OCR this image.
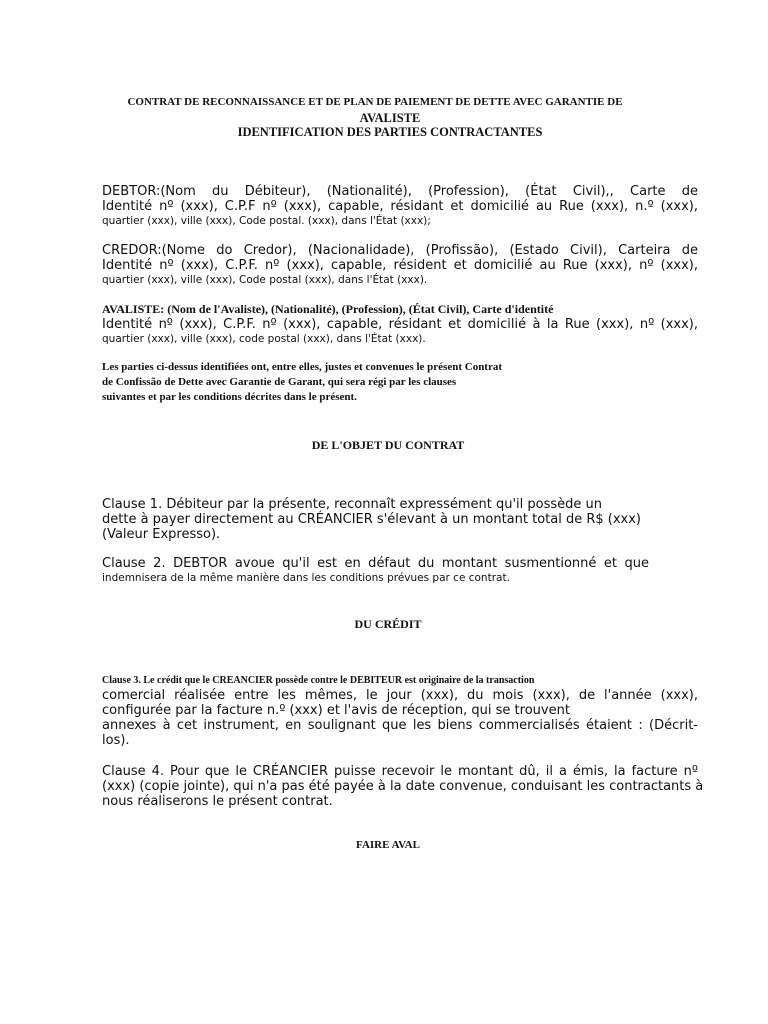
CONTRAT DE RECONNAISSANCE ET DE PLAN DE PAIEMENT DE DETTE AVEC GARANTIE DE
AVALISTE
IDENTIFICATION DES PARTIES CONTRACTANTES
DEBTOR:(Nom du Débiteur), (Nationalité), (Profession), (État Civil),, Carte de
Identité nº (xxx), C.P.F nº (xxx), capable, résidant et domicilié au Rue (xxx), n.º (xxx),
quartier (xxx), ville (xxx), Code postal. (xxx), dans l'État (xxx);
CREDOR:(Nome do Credor), (Nacionalidade), (Profissão), (Estado Civil), Carteira de
Identité nº (xxx), C.P.F. nº (xxx), capable, résident et domicilié au Rue (xxx), nº (xxx),
quartier (xxx), ville (xxx), Code postal (xxx), dans l'État (xxx).
AVALISTE: (Nom de l'Avaliste), (Nationalité), (Profession), (État Civil), Carte d'identité
Identité nº (xxx), C.P.F. nº (xxx), capable, résidant et domicilié à la Rue (xxx), nº (xxx),
quartier (xxx), ville (xxx), code postal (xxx), dans l'État (xxx).
Les parties ci-dessus identifiées ont, entre elles, justes et convenues le présent Contrat
de Confissão de Dette avec Garantie de Garant, qui sera régi par les clauses
suivantes et par les conditions décrites dans le présent.
DE L'OBJET DU CONTRAT
Clause 1. Débiteur par la présente, reconnaît expressément qu'il possède un
dette à payer directement au CRÉANCIER s'élevant à un montant total de R$ (xxx)
(Valeur Expresso).
Clause 2. DEBTOR avoue qu'il est en défaut du montant susmentionné et que
indemnisera de la même manière dans les conditions prévues par ce contrat.
DU CRÉDIT
Clause 3. Le crédit que le CREANCIER possède contre le DEBITEUR est originaire de la transaction
comercial réalisée entre les mêmes, le jour (xxx), du mois (xxx), de l'année (xxx),
configurée par la facture n.º (xxx) et l'avis de réception, qui se trouvent
annexes à cet instrument, en soulignant que les biens commercialisés étaient : (Décrit-
los).
Clause 4. Pour que le CRÉANCIER puisse recevoir le montant dû, il a émis, la facture nº
(xxx) (copie jointe), qui n'a pas été payée à la date convenue, conduisant les contractants à
nous réaliserons le présent contrat.
FAIRE AVAL
